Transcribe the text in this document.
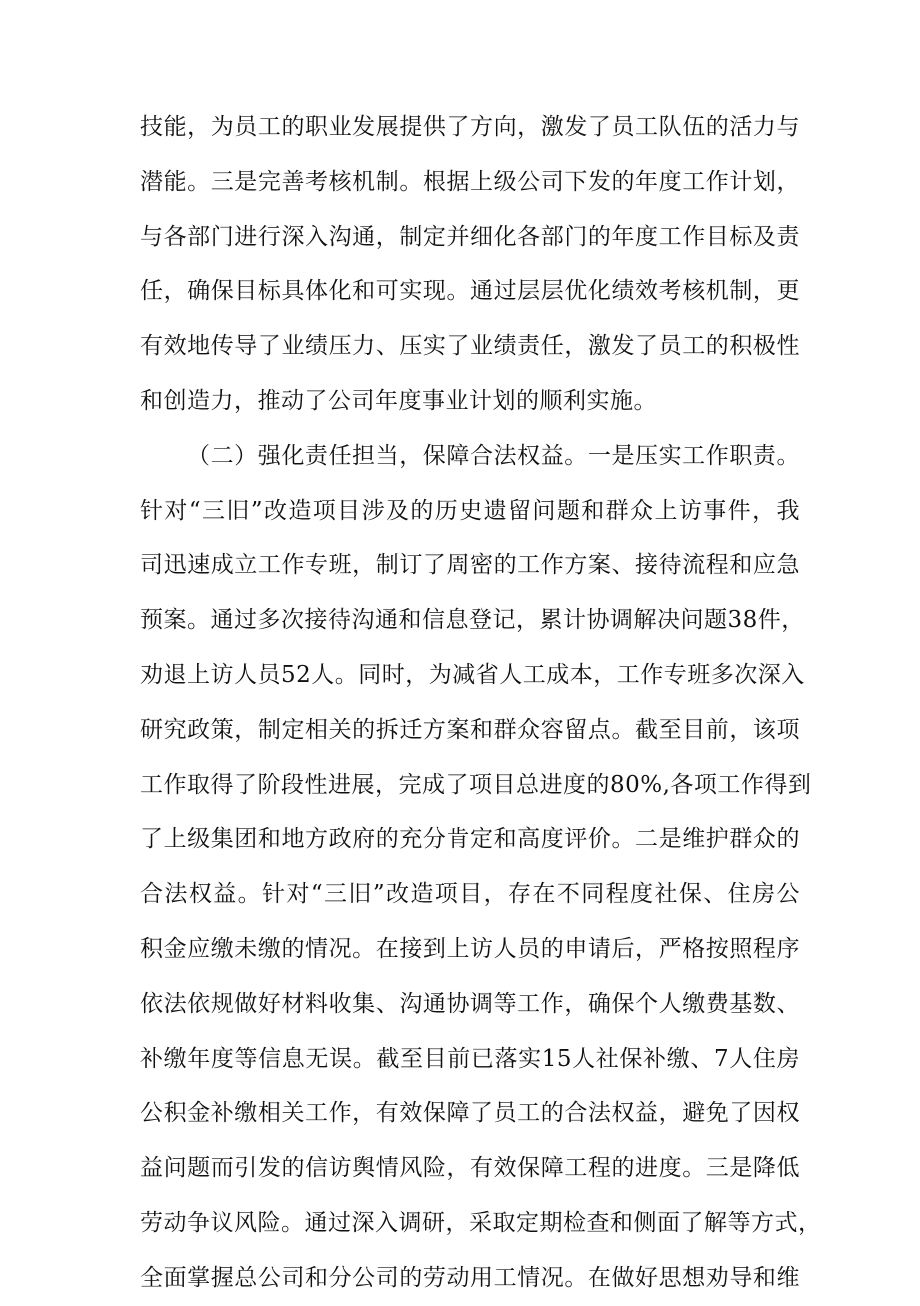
技能，为员工的职业发展提供了方向，激发了员工队伍的活力与
潜能。三是完善考核机制。根据上级公司下发的年度工作计划，
与各部门进行深入沟通，制定并细化各部门的年度工作目标及责
任，确保目标具体化和可实现。通过层层优化绩效考核机制，更
有效地传导了业绩压力、压实了业绩责任，激发了员工的积极性
和创造力，推动了公司年度事业计划的顺利实施。
（二）强化责任担当，保障合法权益。一是压实工作职责。
针对“三旧”改造项目涉及的历史遗留问题和群众上访事件，我
司迅速成立工作专班，制订了周密的工作方案、接待流程和应急
预案。通过多次接待沟通和信息登记，累计协调解决问题38件，
劝退上访人员52人。同时，为减省人工成本，工作专班多次深入
研究政策，制定相关的拆迁方案和群众容留点。截至目前，该项
工作取得了阶段性进展，完成了项目总进度的80%,各项工作得到
了上级集团和地方政府的充分肯定和高度评价。二是维护群众的
合法权益。针对“三旧”改造项目，存在不同程度社保、住房公
积金应缴未缴的情况。在接到上访人员的申请后，严格按照程序
依法依规做好材料收集、沟通协调等工作，确保个人缴费基数、
补缴年度等信息无误。截至目前已落实15人社保补缴、7人住房
公积金补缴相关工作，有效保障了员工的合法权益，避免了因权
益问题而引发的信访舆情风险，有效保障工程的进度。三是降低
劳动争议风险。通过深入调研，采取定期检查和侧面了解等方式，
全面掌握总公司和分公司的劳动用工情况。在做好思想劝导和维
